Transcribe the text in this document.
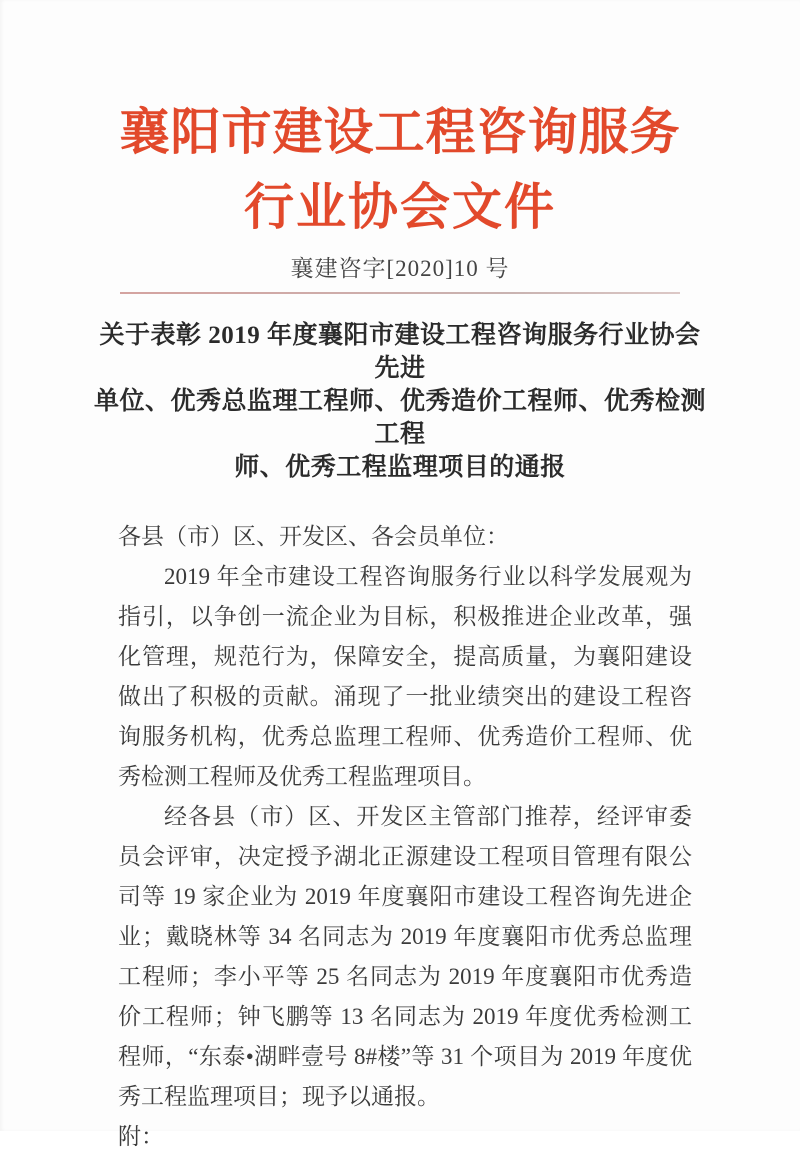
襄阳市建设工程咨询服务
行业协会文件
襄建咨字[2020]10 号
关于表彰 2019 年度襄阳市建设工程咨询服务行业协会先进
单位、优秀总监理工程师、优秀造价工程师、优秀检测工程
师、优秀工程监理项目的通报

各县（市）区、开发区、各会员单位：

2019 年全市建设工程咨询服务行业以科学发展观为指引，以争创一流企业为目标，积极推进企业改革，强化管理，规范行为，保障安全，提高质量，为襄阳建设做出了积极的贡献。涌现了一批业绩突出的建设工程咨询服务机构，优秀总监理工程师、优秀造价工程师、优秀检测工程师及优秀工程监理项目。

经各县（市）区、开发区主管部门推荐，经评审委员会评审，决定授予湖北正源建设工程项目管理有限公司等 19 家企业为 2019 年度襄阳市建设工程咨询先进企业；戴晓林等 34 名同志为 2019 年度襄阳市优秀总监理工程师；李小平等 25 名同志为 2019 年度襄阳市优秀造价工程师；钟飞鹏等 13 名同志为 2019 年度优秀检测工程师，“东泰•湖畔壹号 8#楼”等 31 个项目为 2019 年度优秀工程监理项目；现予以通报。

附：
